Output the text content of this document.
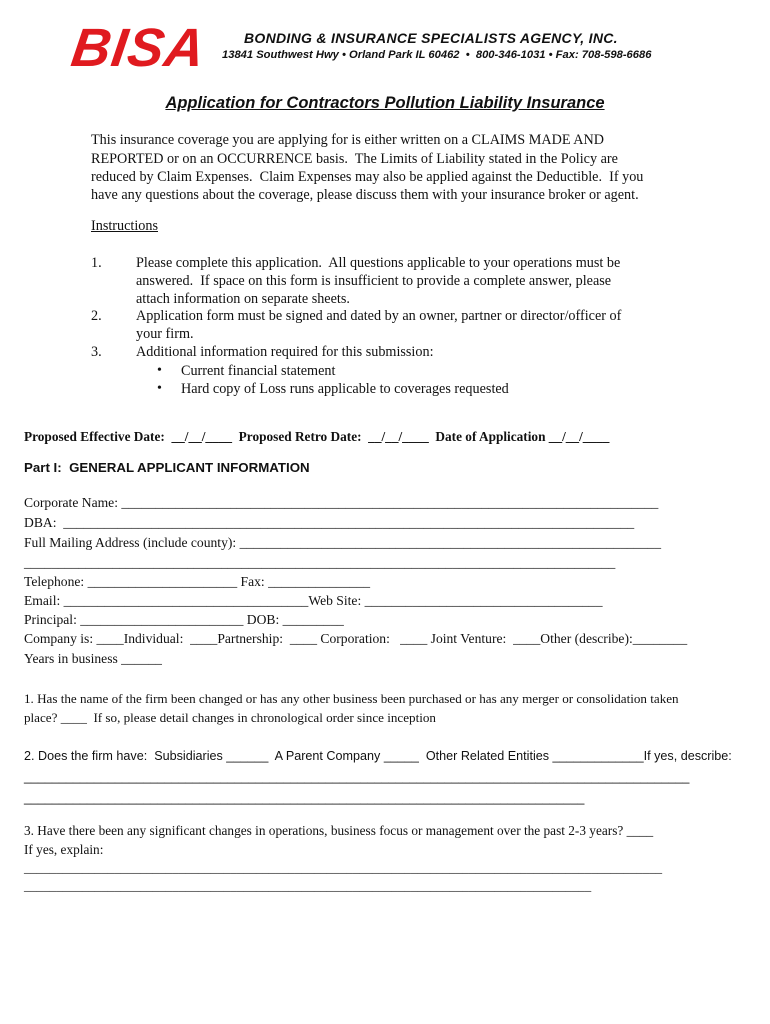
BISA BONDING & INSURANCE SPECIALISTS AGENCY, INC.
13841 Southwest Hwy • Orland Park IL 60462  •  800-346-1031 • Fax: 708-598-6686
Application for Contractors Pollution Liability Insurance
This insurance coverage you are applying for is either written on a CLAIMS MADE AND
REPORTED or on an OCCURRENCE basis.  The Limits of Liability stated in the Policy are
reduced by Claim Expenses.  Claim Expenses may also be applied against the Deductible.  If you
have any questions about the coverage, please discuss them with your insurance broker or agent.
Instructions
1. Please complete this application.  All questions applicable to your operations must be
answered.  If space on this form is insufficient to provide a complete answer, please
attach information on separate sheets.
2. Application form must be signed and dated by an owner, partner or director/officer of
your firm.
3. Additional information required for this submission:
• Current financial statement
• Hard copy of Loss runs applicable to coverages requested
Proposed Effective Date:  __/__/____  Proposed Retro Date:  __/__/____  Date of Application __/__/____
Part I:  GENERAL APPLICANT INFORMATION
Corporate Name: _______________________________________________________________________________
DBA:  ____________________________________________________________________________________
Full Mailing Address (include county): ______________________________________________________________
_______________________________________________________________________________________
Telephone: ______________________ Fax: _______________
Email: ____________________________________Web Site: ___________________________________
Principal: ________________________ DOB: _________
Company is: ____Individual:  ____Partnership:  ____ Corporation:   ____ Joint Venture:  ____Other (describe):________
Years in business ______
1. Has the name of the firm been changed or has any other business been purchased or has any merger or consolidation taken
place? ____  If so, please detail changes in chronological order since inception
2. Does the firm have:  Subsidiaries ______  A Parent Company _____  Other Related Entities _____________If yes, describe:
_______________________________________________________________________________________________
________________________________________________________________________________
3. Have there been any significant changes in operations, business focus or management over the past 2-3 years? ____
If yes, explain:
___________________________________________________________________________________________________
________________________________________________________________________________________
